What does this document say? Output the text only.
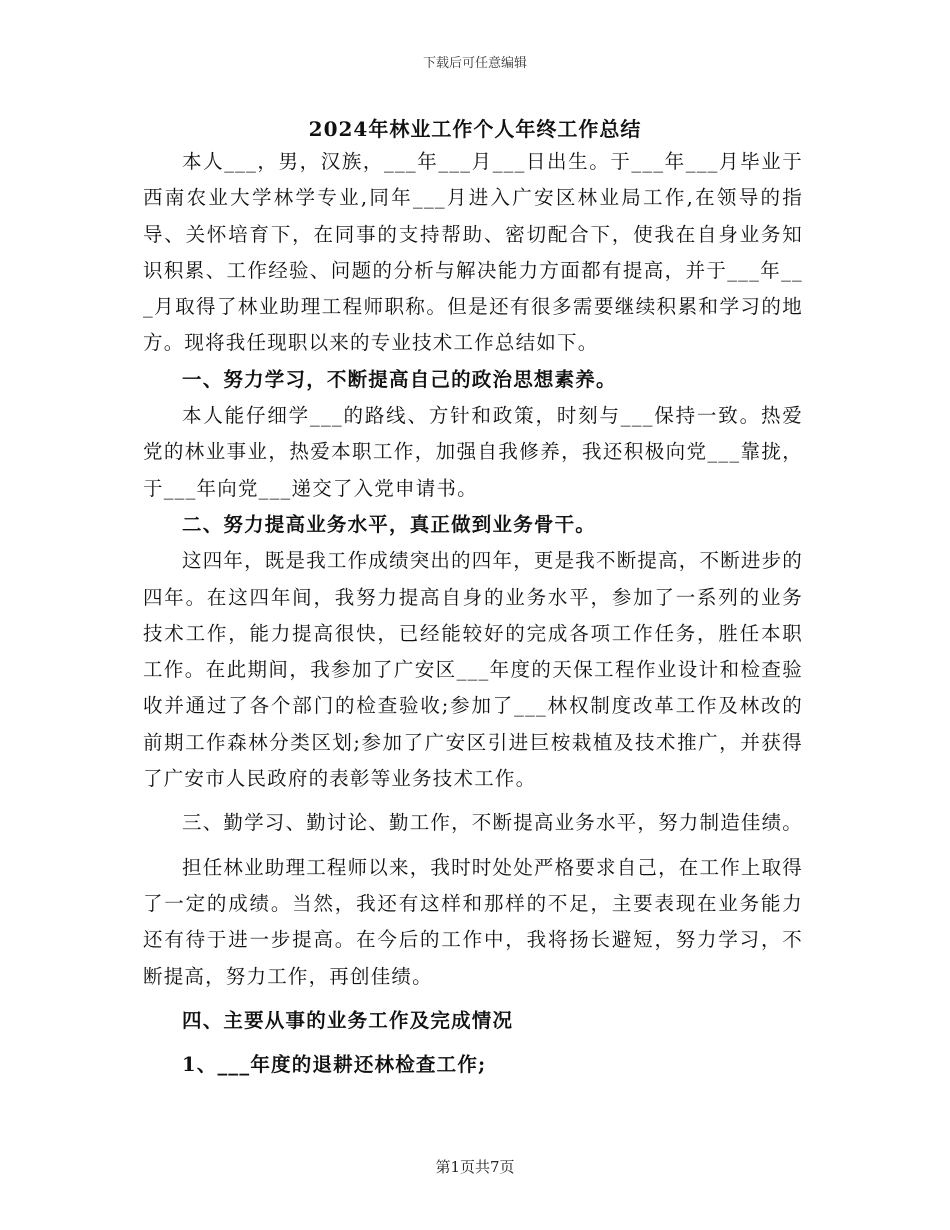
下载后可任意编辑
2024年林业工作个人年终工作总结

本人___，男，汉族，___年___月___日出生。于___年___月毕业于西南农业大学林学专业,同年___月进入广安区林业局工作,在领导的指导、关怀培育下，在同事的支持帮助、密切配合下，使我在自身业务知识积累、工作经验、问题的分析与解决能力方面都有提高，并于___年___月取得了林业助理工程师职称。但是还有很多需要继续积累和学习的地方。现将我任现职以来的专业技术工作总结如下。

一、努力学习，不断提高自己的政治思想素养。

本人能仔细学___的路线、方针和政策，时刻与___保持一致。热爱党的林业事业，热爱本职工作，加强自我修养，我还积极向党___靠拢，于___年向党___递交了入党申请书。

二、努力提高业务水平，真正做到业务骨干。

这四年，既是我工作成绩突出的四年，更是我不断提高，不断进步的四年。在这四年间，我努力提高自身的业务水平，参加了一系列的业务技术工作，能力提高很快，已经能较好的完成各项工作任务，胜任本职工作。在此期间，我参加了广安区___年度的天保工程作业设计和检查验收并通过了各个部门的检查验收;参加了___林权制度改革工作及林改的前期工作森林分类区划;参加了广安区引进巨桉栽植及技术推广，并获得了广安市人民政府的表彰等业务技术工作。

三、勤学习、勤讨论、勤工作，不断提高业务水平，努力制造佳绩。

担任林业助理工程师以来，我时时处处严格要求自己，在工作上取得了一定的成绩。当然，我还有这样和那样的不足，主要表现在业务能力还有待于进一步提高。在今后的工作中，我将扬长避短，努力学习，不断提高，努力工作，再创佳绩。

四、主要从事的业务工作及完成情况

1、___年度的退耕还林检查工作;

第1页共7页
